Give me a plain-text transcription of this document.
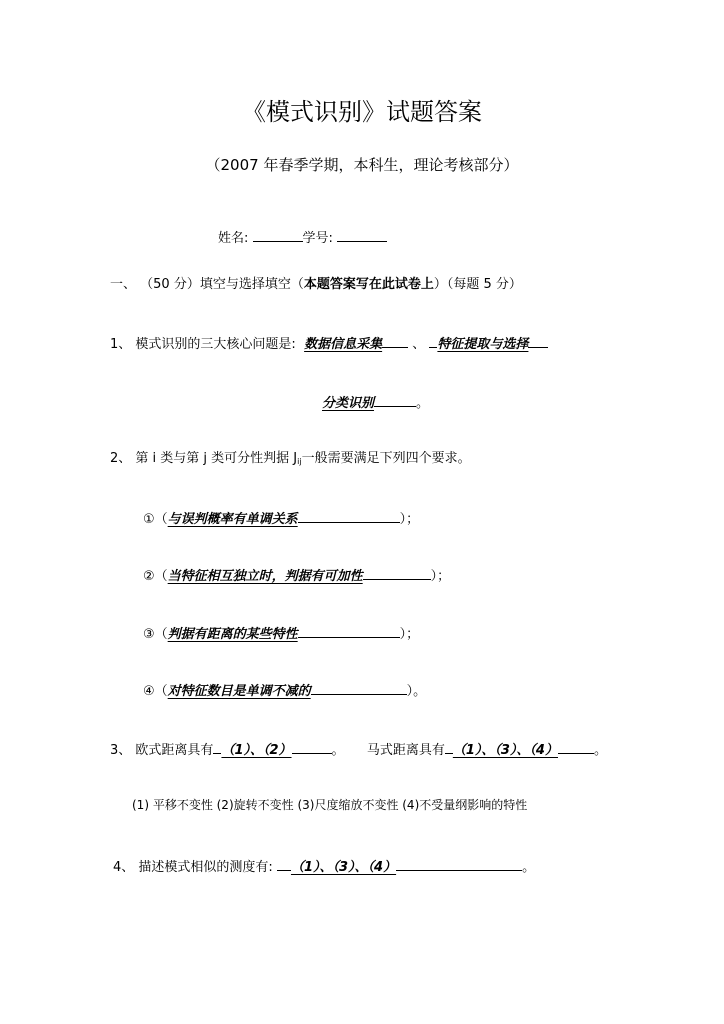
《模式识别》试题答案
（2007 年春季学期，本科生，理论考核部分）
姓名:	学号:
一、 （50 分）填空与选择填空（本题答案写在此试卷上）（每题 5 分）
1、 模式识别的三大核心问题是: 数据信息采集 、 特征提取与选择
分类识别	。
2、 第 i 类与第 j 类可分性判据 $J_{ij}$一般需要满足下列四个要求。
①（与误判概率有单调关系	）；
②（当特征相互独立时，判据有可加性	）；
③（判据有距离的某些特性	）；
④（对特征数目是单调不减的	）。
3、 欧式距离具有 （1）、（2）	。 马式距离具有 （1）、（3）、（4）	。
(1) 平移不变性 (2)旋转不变性 (3)尺度缩放不变性 (4)不受量纲影响的特性
4、 描述模式相似的测度有: （1）、（3）、（4）	。
